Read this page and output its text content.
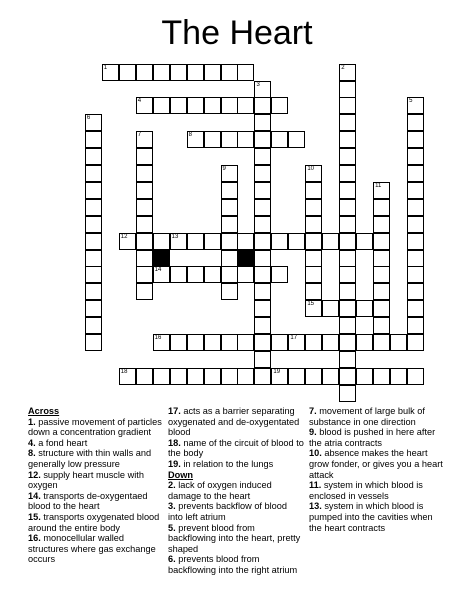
The Heart
1	2
3
4	5
6
7	8
9	10
11
12	13
14
15
16	17
18	19
Across
1. passive movement of particles down a concentration gradient
4. a fond heart
8. structure with thin walls and generally low pressure
12. supply heart muscle with oxygen
14. transports de-oxygentaed blood to the heart
15. transports oxygenated blood around the entire body
16. monocellular walled structures where gas exchange occurs
17. acts as a barrier separating oxygenated and de-oxygentated blood
18. name of the circuit of blood to the body
19. in relation to the lungs
Down
2. lack of oxygen induced damage to the heart
3. prevents backflow of blood into left atrium
5. prevent blood from backflowing into the heart, pretty shaped
6. prevents blood from backflowing into the right atrium
7. movement of large bulk of substance in one direction
9. blood is pushed in here after the atria contracts
10. absence makes the heart grow fonder, or gives you a heart attack
11. system in which blood is enclosed in vessels
13. system in which blood is pumped into the cavities when the heart contracts
